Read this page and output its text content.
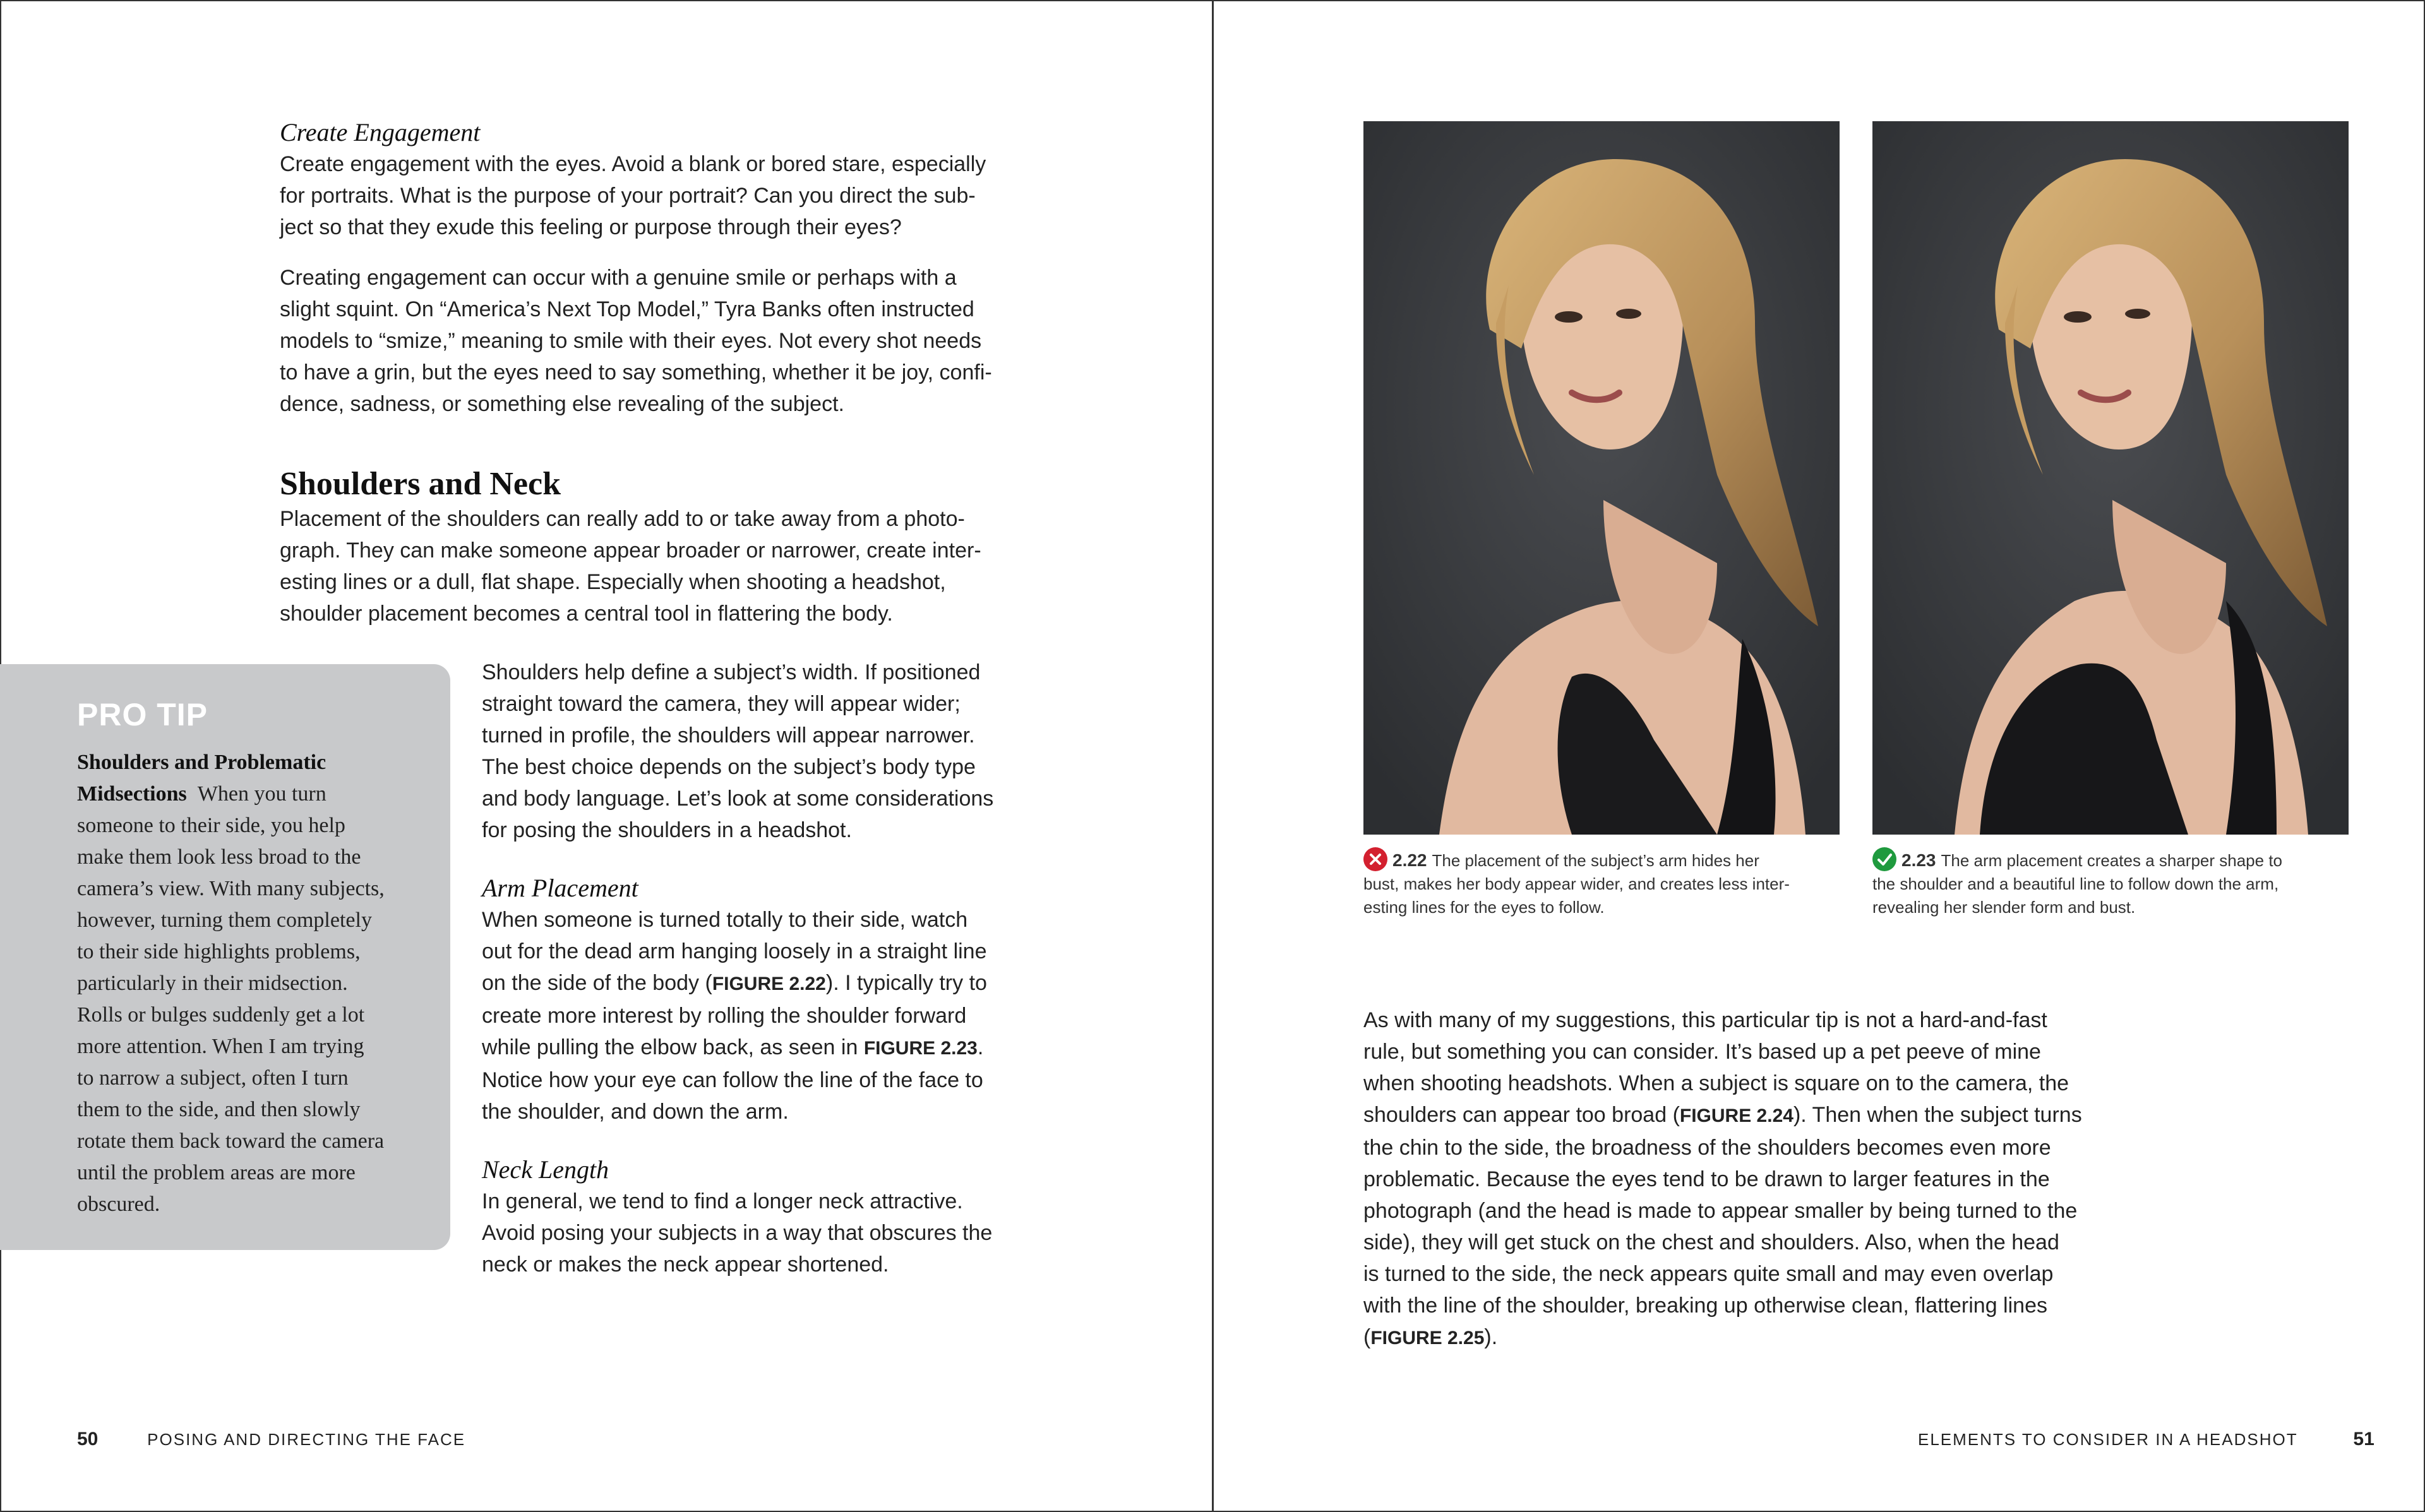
Create Engagement

Create engagement with the eyes. Avoid a blank or bored stare, especially

for portraits. What is the purpose of your portrait? Can you direct the sub-

ject so that they exude this feeling or purpose through their eyes?

Creating engagement can occur with a genuine smile or perhaps with a

slight squint. On “America’s Next Top Model,” Tyra Banks often instructed

models to “smize,” meaning to smile with their eyes. Not every shot needs

to have a grin, but the eyes need to say something, whether it be joy, confi-

dence, sadness, or something else revealing of the subject.

Shoulders and Neck

Placement of the shoulders can really add to or take away from a photo-

graph. They can make someone appear broader or narrower, create inter-

esting lines or a dull, flat shape. Especially when shooting a headshot,

shoulder placement becomes a central tool in flattering the body.

Shoulders help define a subject’s width. If positioned

straight toward the camera, they will appear wider;

turned in profile, the shoulders will appear narrower.

The best choice depends on the subject’s body type

and body language. Let’s look at some considerations

for posing the shoulders in a headshot.

Arm Placement

When someone is turned totally to their side, watch

out for the dead arm hanging loosely in a straight line

on the side of the body (FIGURE 2.22). I typically try to

create more interest by rolling the shoulder forward

while pulling the elbow back, as seen in FIGURE 2.23.

Notice how your eye can follow the line of the face to

the shoulder, and down the arm.

Neck Length

In general, we tend to find a longer neck attractive.

Avoid posing your subjects in a way that obscures the

neck or makes the neck appear shortened.

PRO TIP
Shoulders and Problematic
Midsections When you turn
someone to their side, you help
make them look less broad to the
camera’s view. With many subjects,
however, turning them completely
to their side highlights problems,
particularly in their midsection.
Rolls or bulges suddenly get a lot
more attention. When I am trying
to narrow a subject, often I turn
them to the side, and then slowly
rotate them back toward the camera
until the problem areas are more
obscured.
50	POSING AND DIRECTING THE FACE
2.22 The placement of the subject’s arm hides her
bust, makes her body appear wider, and creates less inter-
esting lines for the eyes to follow.
2.23 The arm placement creates a sharper shape to
the shoulder and a beautiful line to follow down the arm,
revealing her slender form and bust.

As with many of my suggestions, this particular tip is not a hard-and-fast

rule, but something you can consider. It’s based up a pet peeve of mine

when shooting headshots. When a subject is square on to the camera, the

shoulders can appear too broad (FIGURE 2.24). Then when the subject turns

the chin to the side, the broadness of the shoulders becomes even more

problematic. Because the eyes tend to be drawn to larger features in the

photograph (and the head is made to appear smaller by being turned to the

side), they will get stuck on the chest and shoulders. Also, when the head

is turned to the side, the neck appears quite small and may even overlap

with the line of the shoulder, breaking up otherwise clean, flattering lines

(FIGURE 2.25).

ELEMENTS TO CONSIDER IN A HEADSHOT	51
